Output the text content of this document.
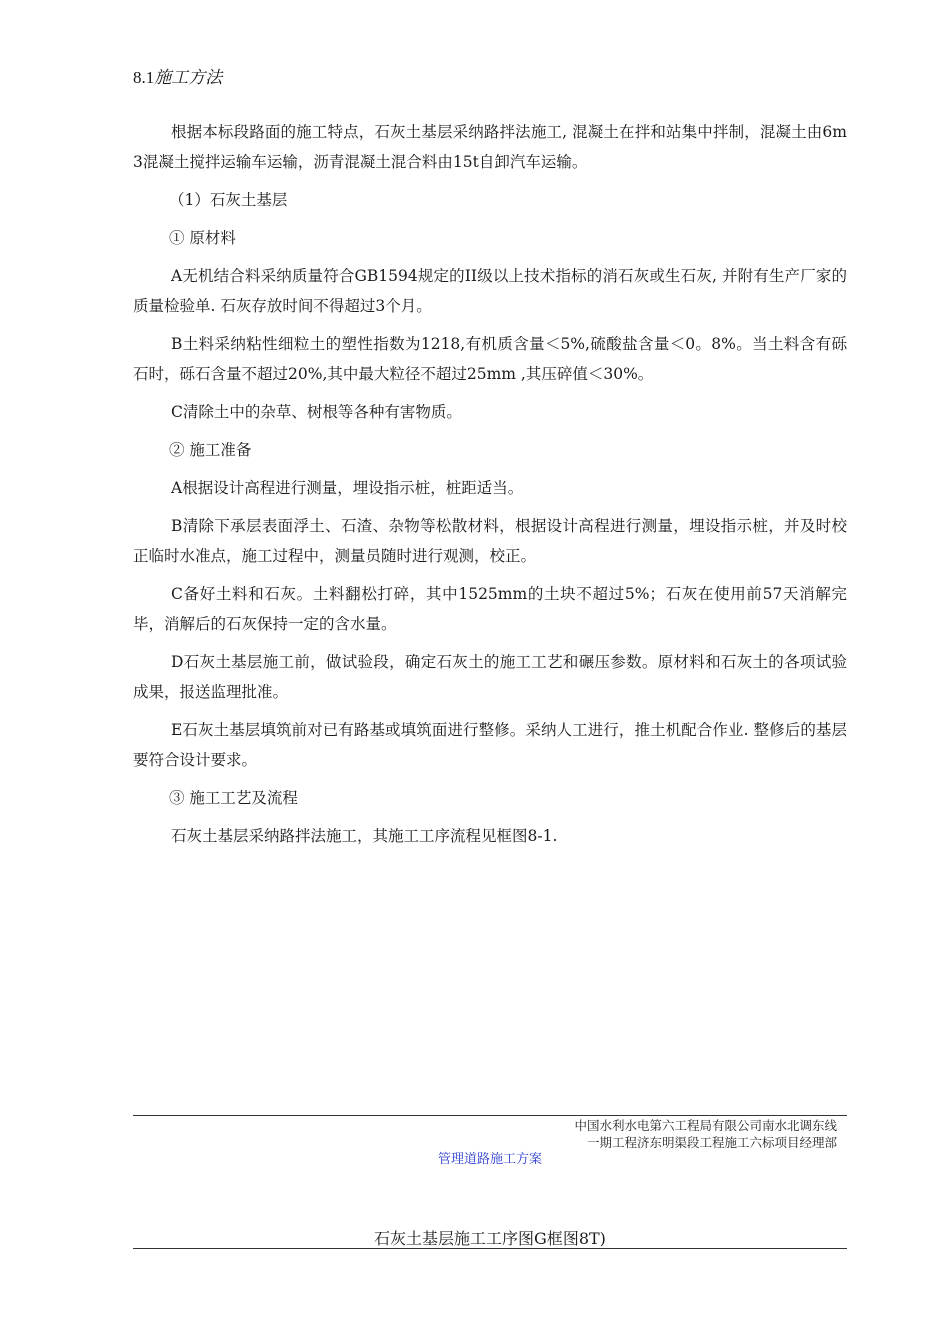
8.1施工方法

根据本标段路面的施工特点，石灰土基层采纳路拌法施工, 混凝土在拌和站集中拌制，混凝土由6m 3混凝土搅拌运输车运输，沥青混凝土混合料由15t自卸汽车运输。

（1）石灰土基层

① 原材料

A无机结合料采纳质量符合GB1594规定的II级以上技术指标的消石灰或生石灰, 并附有生产厂家的质量检验单. 石灰存放时间不得超过3个月。

B土料采纳粘性细粒土的塑性指数为1218,有机质含量＜5%,硫酸盐含量＜0。8%。当土料含有砾石时，砾石含量不超过20%,其中最大粒径不超过25mm ,其压碎值＜30%。

C清除土中的杂草、树根等各种有害物质。

② 施工准备

A根据设计高程进行测量，埋设指示桩，桩距适当。

B清除下承层表面浮土、石渣、杂物等松散材料，根据设计高程进行测量，埋设指示桩，并及时校正临时水准点，施工过程中，测量员随时进行观测，校正。

C备好土料和石灰。土料翻松打碎，其中1525mm的土块不超过5%；石灰在使用前57天消解完毕，消解后的石灰保持一定的含水量。

D石灰土基层施工前，做试验段，确定石灰土的施工工艺和碾压参数。原材料和石灰土的各项试验成果，报送监理批准。

E石灰土基层填筑前对已有路基或填筑面进行整修。采纳人工进行，推土机配合作业. 整修后的基层要符合设计要求。

③ 施工工艺及流程

石灰土基层采纳路拌法施工，其施工工序流程见框图8-1.

中国水利水电第六工程局有限公司南水北调东线
一期工程济东明渠段工程施工六标项目经理部
管理道路施工方案
石灰土基层施工工序图G框图8T)
